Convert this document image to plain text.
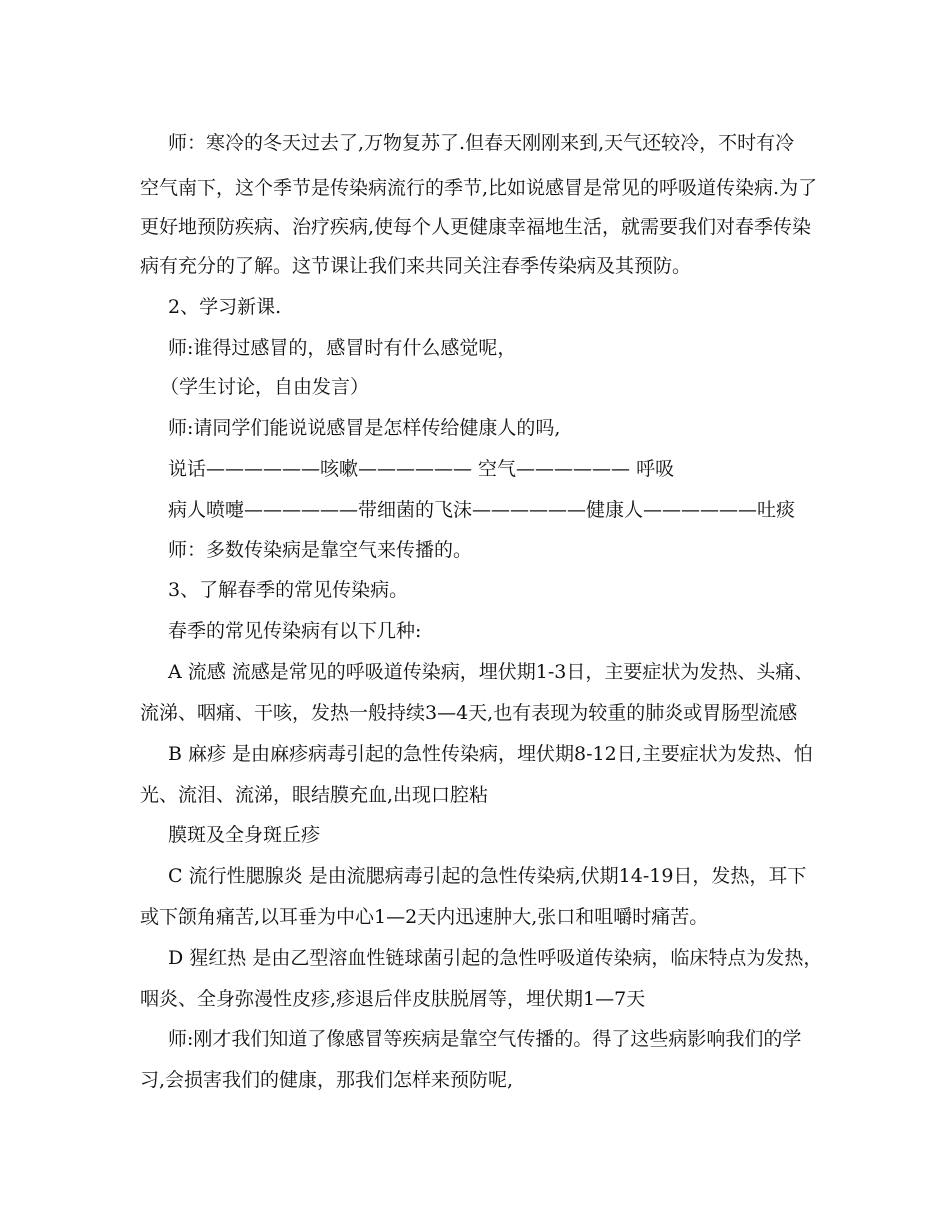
师：寒冷的冬天过去了,万物复苏了.但春天刚刚来到,天气还较冷，不时有冷
空气南下，这个季节是传染病流行的季节,比如说感冒是常见的呼吸道传染病.为了
更好地预防疾病、治疗疾病,使每个人更健康幸福地生活，就需要我们对春季传染
病有充分的了解。这节课让我们来共同关注春季传染病及其预防。
2、学习新课.
师:谁得过感冒的，感冒时有什么感觉呢，
（学生讨论，自由发言）
师:请同学们能说说感冒是怎样传给健康人的吗,
说话——————咳嗽—————— 空气—————— 呼吸
病人喷嚏——————带细菌的飞沫——————健康人——————吐痰
师：多数传染病是靠空气来传播的。
3、了解春季的常见传染病。
春季的常见传染病有以下几种:
A 流感 流感是常见的呼吸道传染病，埋伏期1-3日，主要症状为发热、头痛、
流涕、咽痛、干咳，发热一般持续3—4天,也有表现为较重的肺炎或胃肠型流感
B 麻疹 是由麻疹病毒引起的急性传染病，埋伏期8-12日,主要症状为发热、怕
光、流泪、流涕，眼结膜充血,出现口腔粘
膜斑及全身斑丘疹
C 流行性腮腺炎 是由流腮病毒引起的急性传染病,伏期14-19日，发热，耳下
或下颌角痛苦,以耳垂为中心1—2天内迅速肿大,张口和咀嚼时痛苦。
D 猩红热 是由乙型溶血性链球菌引起的急性呼吸道传染病，临床特点为发热，
咽炎、全身弥漫性皮疹,疹退后伴皮肤脱屑等，埋伏期1—7天
师:刚才我们知道了像感冒等疾病是靠空气传播的。得了这些病影响我们的学
习,会损害我们的健康，那我们怎样来预防呢,
